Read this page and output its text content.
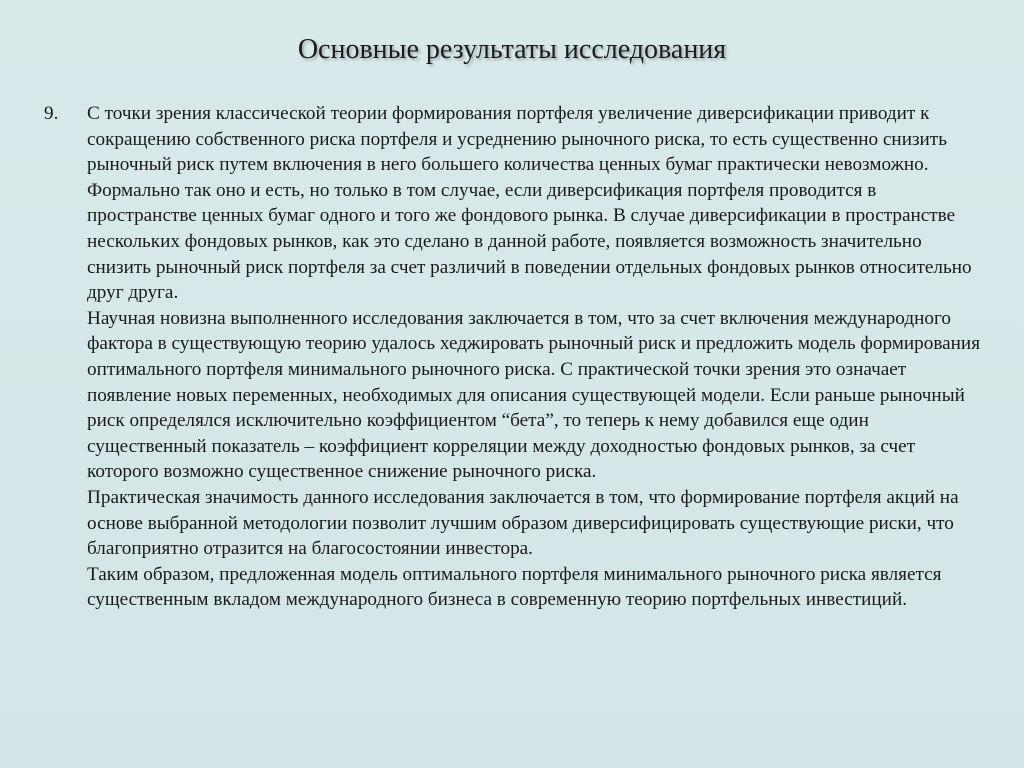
Основные результаты исследования
9.	С точки зрения классической теории формирования портфеля увеличение диверсификации приводит к сокращению собственного риска портфеля и усреднению рыночного риска, то есть существенно снизить рыночный риск путем включения в него большего количества ценных бумаг практически невозможно. Формально так оно и есть, но только в том случае, если диверсификация портфеля проводится в пространстве ценных бумаг одного и того же фондового рынка. В случае диверсификации в пространстве нескольких фондовых рынков, как это сделано в данной работе, появляется возможность значительно снизить рыночный риск портфеля за счет различий в поведении отдельных фондовых рынков относительно друг друга.

Научная новизна выполненного исследования заключается в том, что за счет включения международного фактора в существующую теорию удалось хеджировать рыночный риск и предложить модель формирования оптимального портфеля минимального рыночного риска. С практической точки зрения это означает появление новых переменных, необходимых для описания существующей модели. Если раньше рыночный риск определялся исключительно коэффициентом “бета”, то теперь к нему добавился еще один существенный показатель – коэффициент корреляции между доходностью фондовых рынков, за счет которого возможно существенное снижение рыночного риска.

Практическая значимость данного исследования заключается в том, что формирование портфеля акций на основе выбранной методологии позволит лучшим образом диверсифицировать существующие риски, что благоприятно отразится на благосостоянии инвестора.

Таким образом, предложенная модель оптимального портфеля минимального рыночного риска является существенным вкладом международного бизнеса в современную теорию портфельных инвестиций.
